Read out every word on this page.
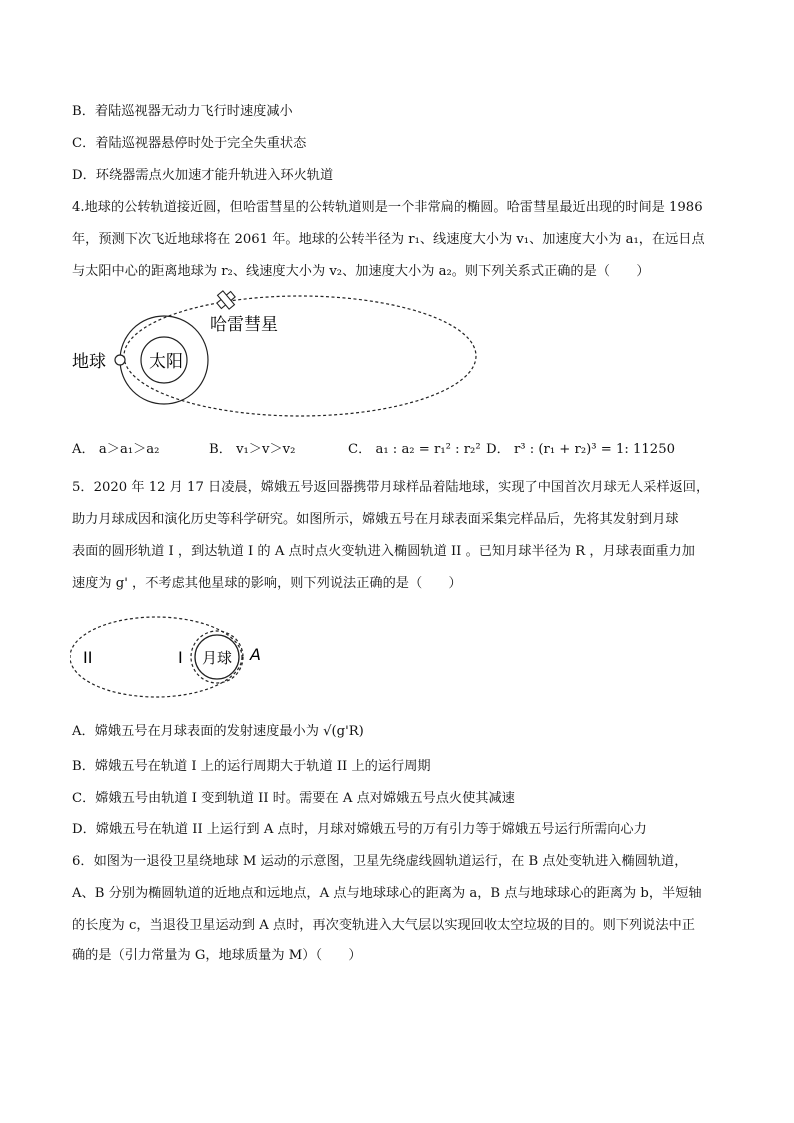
B．着陆巡视器无动力飞行时速度减小
C．着陆巡视器悬停时处于完全失重状态
D．环绕器需点火加速才能升轨进入环火轨道
4.地球的公转轨道接近圆，但哈雷彗星的公转轨道则是一个非常扁的椭圆。哈雷彗星最近出现的时间是 1986
年，预测下次飞近地球将在 2061 年。地球的公转半径为 r₁、线速度大小为 v₁、加速度大小为 a₁，在远日点
与太阳中心的距离地球为 r₂、线速度大小为 v₂、加速度大小为 a₂。则下列关系式正确的是（　　）
太阳
地球
哈雷彗星
A． a＞a₁＞a₂	B． v₁＞v＞v₂	C． a₁ : a₂ = r₁² : r₂² D． r³ : (r₁ + r₂)³ = 1: 11250
5．2020 年 12 月 17 日凌晨，嫦娥五号返回器携带月球样品着陆地球，实现了中国首次月球无人采样返回，
助力月球成因和演化历史等科学研究。如图所示，嫦娥五号在月球表面采集完样品后，先将其发射到月球
表面的圆形轨道 I ，到达轨道 I 的 A 点时点火变轨进入椭圆轨道 II 。已知月球半径为 R ，月球表面重力加
速度为 g' ，不考虑其他星球的影响，则下列说法正确的是（　　）
月球
II	I	A
A．嫦娥五号在月球表面的发射速度最小为 √(g'R)
B．嫦娥五号在轨道 I 上的运行周期大于轨道 II 上的运行周期
C．嫦娥五号由轨道 I 变到轨道 II 时。需要在 A 点对嫦娥五号点火使其减速
D．嫦娥五号在轨道 II 上运行到 A 点时，月球对嫦娥五号的万有引力等于嫦娥五号运行所需向心力
6．如图为一退役卫星绕地球 M 运动的示意图，卫星先绕虚线圆轨道运行，在 B 点处变轨进入椭圆轨道，
A、B 分别为椭圆轨道的近地点和远地点，A 点与地球球心的距离为 a，B 点与地球球心的距离为 b，半短轴
的长度为 c，当退役卫星运动到 A 点时，再次变轨进入大气层以实现回收太空垃圾的目的。则下列说法中正
确的是（引力常量为 G，地球质量为 M）（　　）
